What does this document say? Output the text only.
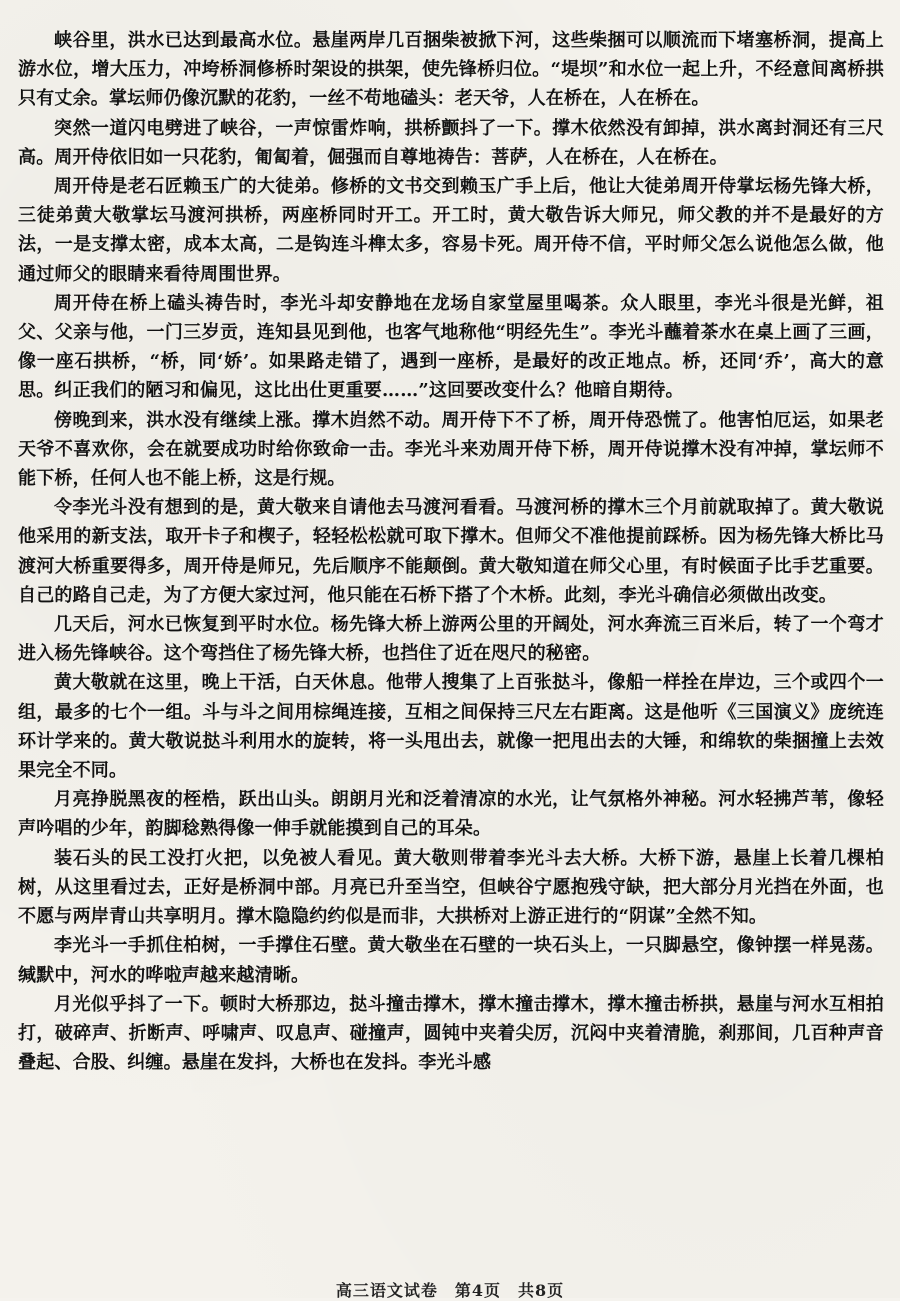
峡谷里，洪水已达到最高水位。悬崖两岸几百捆柴被掀下河，这些柴捆可以顺流而下堵塞桥洞，提高上游水位，增大压力，冲垮桥洞修桥时架设的拱架，使先锋桥归位。“堤坝”和水位一起上升，不经意间离桥拱只有丈余。掌坛师仍像沉默的花豹，一丝不苟地磕头：老天爷，人在桥在，人在桥在。

突然一道闪电劈进了峡谷，一声惊雷炸响，拱桥颤抖了一下。撑木依然没有卸掉，洪水离封洞还有三尺高。周开侍依旧如一只花豹，匍匐着，倔强而自尊地祷告：菩萨，人在桥在，人在桥在。

周开侍是老石匠赖玉广的大徒弟。修桥的文书交到赖玉广手上后，他让大徒弟周开侍掌坛杨先锋大桥，三徒弟黄大敬掌坛马渡河拱桥，两座桥同时开工。开工时，黄大敬告诉大师兄，师父教的并不是最好的方法，一是支撑太密，成本太高，二是钩连斗榫太多，容易卡死。周开侍不信，平时师父怎么说他怎么做，他通过师父的眼睛来看待周围世界。

周开侍在桥上磕头祷告时，李光斗却安静地在龙场自家堂屋里喝茶。众人眼里，李光斗很是光鲜，祖父、父亲与他，一门三岁贡，连知县见到他，也客气地称他“明经先生”。李光斗蘸着茶水在桌上画了三画，像一座石拱桥，“桥，同‘娇’。如果路走错了，遇到一座桥，是最好的改正地点。桥，还同‘乔’，高大的意思。纠正我们的陋习和偏见，这比出仕更重要……”这回要改变什么？他暗自期待。

傍晚到来，洪水没有继续上涨。撑木岿然不动。周开侍下不了桥，周开侍恐慌了。他害怕厄运，如果老天爷不喜欢你，会在就要成功时给你致命一击。李光斗来劝周开侍下桥，周开侍说撑木没有冲掉，掌坛师不能下桥，任何人也不能上桥，这是行规。

令李光斗没有想到的是，黄大敬来自请他去马渡河看看。马渡河桥的撑木三个月前就取掉了。黄大敬说他采用的新支法，取开卡子和楔子，轻轻松松就可取下撑木。但师父不准他提前踩桥。因为杨先锋大桥比马渡河大桥重要得多，周开侍是师兄，先后顺序不能颠倒。黄大敬知道在师父心里，有时候面子比手艺重要。自己的路自己走，为了方便大家过河，他只能在石桥下搭了个木桥。此刻，李光斗确信必须做出改变。

几天后，河水已恢复到平时水位。杨先锋大桥上游两公里的开阔处，河水奔流三百米后，转了一个弯才进入杨先锋峡谷。这个弯挡住了杨先锋大桥，也挡住了近在咫尺的秘密。

黄大敬就在这里，晚上干活，白天休息。他带人搜集了上百张挞斗，像船一样拴在岸边，三个或四个一组，最多的七个一组。斗与斗之间用棕绳连接，互相之间保持三尺左右距离。这是他听《三国演义》庞统连环计学来的。黄大敬说挞斗利用水的旋转，将一头甩出去，就像一把甩出去的大锤，和绵软的柴捆撞上去效果完全不同。

月亮挣脱黑夜的桎梏，跃出山头。朗朗月光和泛着清凉的水光，让气氛格外神秘。河水轻拂芦苇，像轻声吟唱的少年，韵脚稔熟得像一伸手就能摸到自己的耳朵。

装石头的民工没打火把，以免被人看见。黄大敬则带着李光斗去大桥。大桥下游，悬崖上长着几棵柏树，从这里看过去，正好是桥洞中部。月亮已升至当空，但峡谷宁愿抱残守缺，把大部分月光挡在外面，也不愿与两岸青山共享明月。撑木隐隐约约似是而非，大拱桥对上游正进行的“阴谋”全然不知。

李光斗一手抓住柏树，一手撑住石壁。黄大敬坐在石壁的一块石头上，一只脚悬空，像钟摆一样晃荡。缄默中，河水的哗啦声越来越清晰。

月光似乎抖了一下。顿时大桥那边，挞斗撞击撑木，撑木撞击撑木，撑木撞击桥拱，悬崖与河水互相拍打，破碎声、折断声、呼啸声、叹息声、碰撞声，圆钝中夹着尖厉，沉闷中夹着清脆，刹那间，几百种声音叠起、合股、纠缠。悬崖在发抖，大桥也在发抖。李光斗感

高三语文试卷　第4页　共8页
